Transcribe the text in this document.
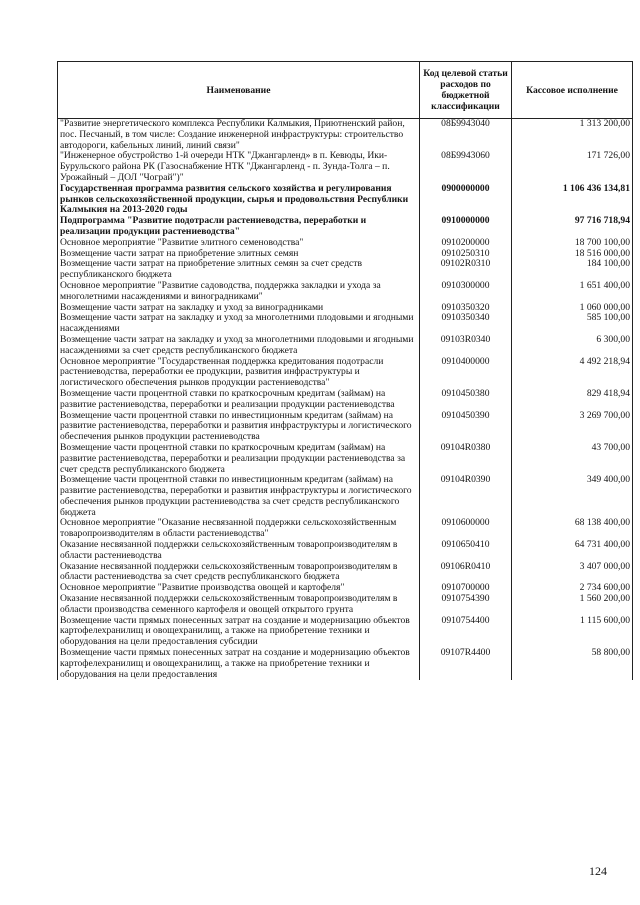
Наименование	Код целевой статьи расходов по бюджетной классификации	Кассовое исполнение
"Развитие энергетического комплекса Республики Калмыкия, Приютненский район, пос. Песчаный, в том числе: Создание инженерной инфраструктуры: строительство автодороги, кабельных линий, линий связи"	08Б9943040	1 313 200,00
"Инженерное обустройство 1-й очереди НТК "Джангарленд» в п. Кевюды, Ики-Бурульского района РК (Газоснабжение НТК "Джангарленд - п. Зунда-Толга – п. Урожайный – ДОЛ "Чограй")"	08Б9943060	171 726,00
Государственная программа развития сельского хозяйства и регулирования рынков сельскохозяйственной продукции, сырья и продовольствия Республики Калмыкия на 2013-2020 годы	0900000000	1 106 436 134,81
Подпрограмма "Развитие подотрасли растениеводства, переработки и реализации продукции растениеводства"	0910000000	97 716 718,94
Основное мероприятие "Развитие элитного семеноводства"	0910200000	18 700 100,00
Возмещение части затрат на приобретение элитных семян	0910250310	18 516 000,00
Возмещение части затрат на приобретение элитных семян за счет средств республиканского бюджета	09102R0310	184 100,00
Основное мероприятие "Развитие садоводства, поддержка закладки и ухода за многолетними насаждениями и виноградниками"	0910300000	1 651 400,00
Возмещение части затрат на закладку и уход за виноградниками	0910350320	1 060 000,00
Возмещение части затрат на закладку и уход за многолетними плодовыми и ягодными насаждениями	0910350340	585 100,00
Возмещение части затрат на закладку и уход за многолетними плодовыми и ягодными насаждениями за счет средств республиканского бюджета	09103R0340	6 300,00
Основное мероприятие "Государственная поддержка кредитования подотрасли растениеводства, переработки ее продукции, развития инфраструктуры и логистического обеспечения рынков продукции растениеводства"	0910400000	4 492 218,94
Возмещение части процентной ставки по краткосрочным кредитам (займам) на развитие растениеводства, переработки и реализации продукции растениеводства	0910450380	829 418,94
Возмещение части процентной ставки по инвестиционным кредитам (займам) на развитие растениеводства, переработки и развития инфраструктуры и логистического обеспечения рынков продукции растениеводства	0910450390	3 269 700,00
Возмещение части процентной ставки по краткосрочным кредитам (займам) на развитие растениеводства, переработки и реализации продукции растениеводства за счет средств республиканского бюджета	09104R0380	43 700,00
Возмещение части процентной ставки по инвестиционным кредитам (займам) на развитие растениеводства, переработки и развития инфраструктуры и логистического обеспечения рынков продукции растениеводства за счет средств республиканского бюджета	09104R0390	349 400,00
Основное мероприятие "Оказание несвязанной поддержки сельскохозяйственным товаропроизводителям в области растениеводства"	0910600000	68 138 400,00
Оказание несвязанной поддержки сельскохозяйственным товаропроизводителям в области растениеводства	0910650410	64 731 400,00
Оказание несвязанной поддержки сельскохозяйственным товаропроизводителям в области растениеводства за счет средств республиканского бюджета	09106R0410	3 407 000,00
Основное мероприятие "Развитие производства овощей и картофеля"	0910700000	2 734 600,00
Оказание несвязанной поддержки сельскохозяйственным товаропроизводителям в области производства семенного картофеля и овощей открытого грунта	0910754390	1 560 200,00
Возмещение части прямых понесенных затрат на создание и модернизацию объектов картофелехранилищ и овощехранилищ, а также на приобретение техники и оборудования на цели предоставления субсидии	0910754400	1 115 600,00
Возмещение части прямых понесенных затрат на создание и модернизацию объектов картофелехранилищ и овощехранилищ, а также на приобретение техники и оборудования на цели предоставления	09107R4400	58 800,00
124
